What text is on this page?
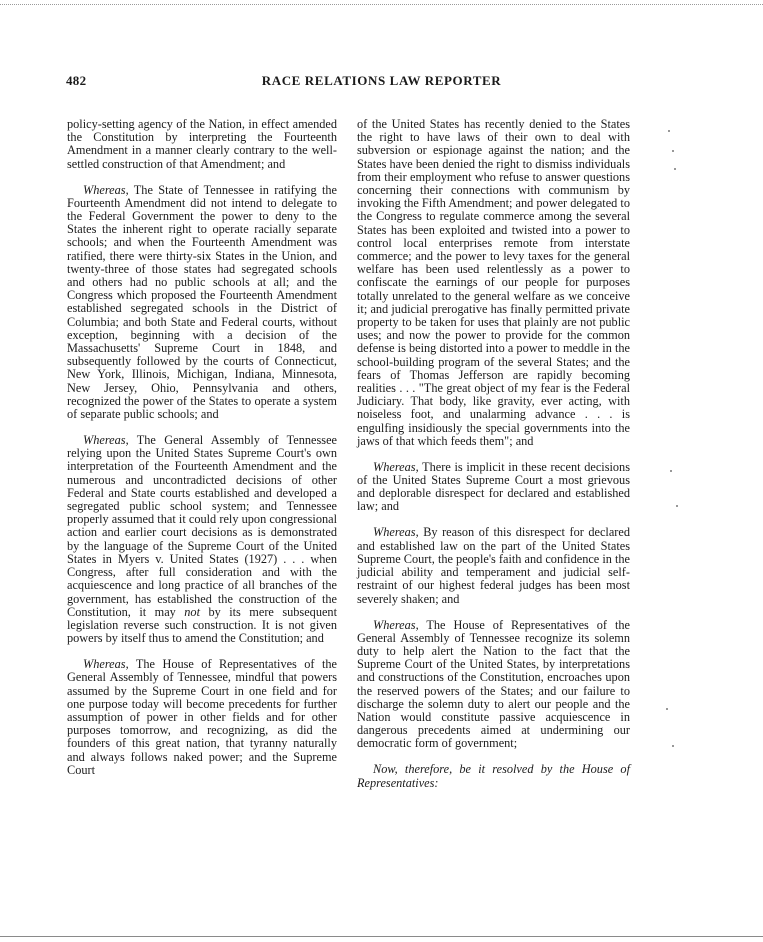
482	RACE RELATIONS LAW REPORTER

policy-setting agency of the Nation, in effect amended the Constitution by interpreting the Fourteenth Amendment in a manner clearly contrary to the well-settled construction of that Amendment; and

Whereas, The State of Tennessee in ratifying the Fourteenth Amendment did not intend to delegate to the Federal Government the power to deny to the States the inherent right to operate racially separate schools; and when the Fourteenth Amendment was ratified, there were thirty-six States in the Union, and twenty-three of those states had segregated schools and others had no public schools at all; and the Congress which proposed the Fourteenth Amendment established segregated schools in the District of Columbia; and both State and Federal courts, without exception, beginning with a decision of the Massachusetts' Supreme Court in 1848, and subsequently followed by the courts of Connecticut, New York, Illinois, Michigan, Indiana, Minnesota, New Jersey, Ohio, Pennsylvania and others, recognized the power of the States to operate a system of separate public schools; and

Whereas, The General Assembly of Tennessee relying upon the United States Supreme Court's own interpretation of the Fourteenth Amendment and the numerous and uncontradicted decisions of other Federal and State courts established and developed a segregated public school system; and Tennessee properly assumed that it could rely upon congressional action and earlier court decisions as is demonstrated by the language of the Supreme Court of the United States in Myers v. United States (1927) . . . when Congress, after full consideration and with the acquiescence and long practice of all branches of the government, has established the construction of the Constitution, it may not by its mere subsequent legislation reverse such construction. It is not given powers by itself thus to amend the Constitution; and

Whereas, The House of Representatives of the General Assembly of Tennessee, mindful that powers assumed by the Supreme Court in one field and for one purpose today will become precedents for further assumption of power in other fields and for other purposes tomorrow, and recognizing, as did the founders of this great nation, that tyranny naturally and always follows naked power; and the Supreme Court

of the United States has recently denied to the States the right to have laws of their own to deal with subversion or espionage against the nation; and the States have been denied the right to dismiss individuals from their employment who refuse to answer questions concerning their connections with communism by invoking the Fifth Amendment; and power delegated to the Congress to regulate commerce among the several States has been exploited and twisted into a power to control local enterprises remote from interstate commerce; and the power to levy taxes for the general welfare has been used relentlessly as a power to confiscate the earnings of our people for purposes totally unrelated to the general welfare as we conceive it; and judicial prerogative has finally permitted private property to be taken for uses that plainly are not public uses; and now the power to provide for the common defense is being distorted into a power to meddle in the school-building program of the several States; and the fears of Thomas Jefferson are rapidly becoming realities . . . "The great object of my fear is the Federal Judiciary. That body, like gravity, ever acting, with noiseless foot, and unalarming advance . . . is engulfing insidiously the special governments into the jaws of that which feeds them"; and

Whereas, There is implicit in these recent decisions of the United States Supreme Court a most grievous and deplorable disrespect for declared and established law; and

Whereas, By reason of this disrespect for declared and established law on the part of the United States Supreme Court, the people's faith and confidence in the judicial ability and temperament and judicial self-restraint of our highest federal judges has been most severely shaken; and

Whereas, The House of Representatives of the General Assembly of Tennessee recognize its solemn duty to help alert the Nation to the fact that the Supreme Court of the United States, by interpretations and constructions of the Constitution, encroaches upon the reserved powers of the States; and our failure to discharge the solemn duty to alert our people and the Nation would constitute passive acquiescence in dangerous precedents aimed at undermining our democratic form of government;

Now, therefore, be it resolved by the House of Representatives:
